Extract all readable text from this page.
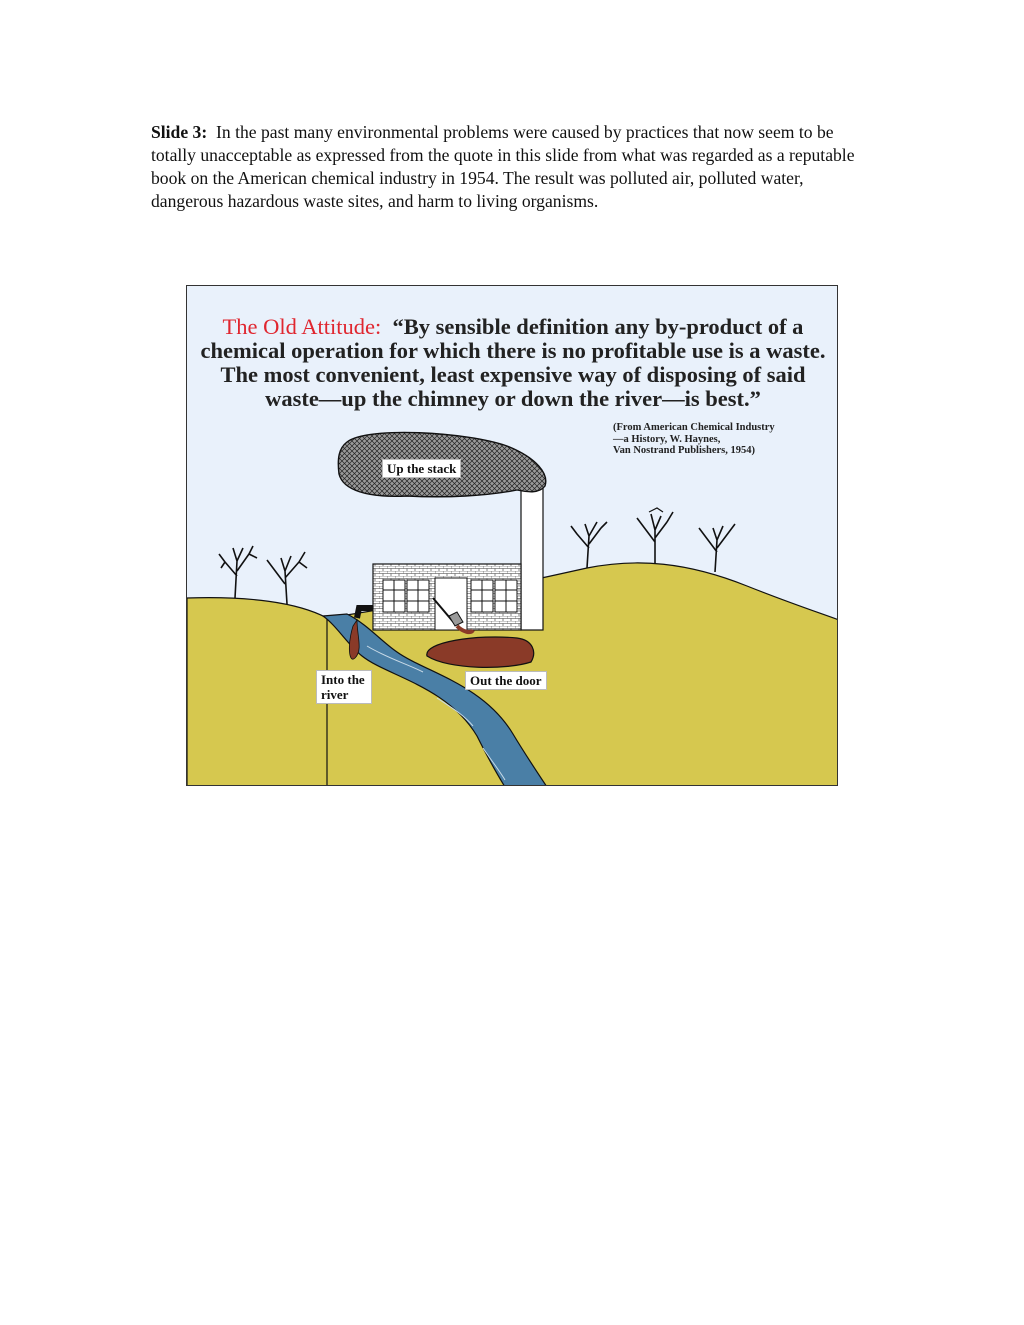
Slide 3: In the past many environmental problems were caused by practices that now seem to be totally unacceptable as expressed from the quote in this slide from what was regarded as a reputable book on the American chemical industry in 1954. The result was polluted air, polluted water, dangerous hazardous waste sites, and harm to living organisms.
The Old Attitude: “By sensible definition any by-product of a chemical operation for which there is no profitable use is a waste. The most convenient, least expensive way of disposing of said waste—up the chimney or down the river—is best.”
(From American Chemical Industry
—a History, W. Haynes,
Van Nostrand Publishers, 1954)
Up the stack
Into the river
Out the door
